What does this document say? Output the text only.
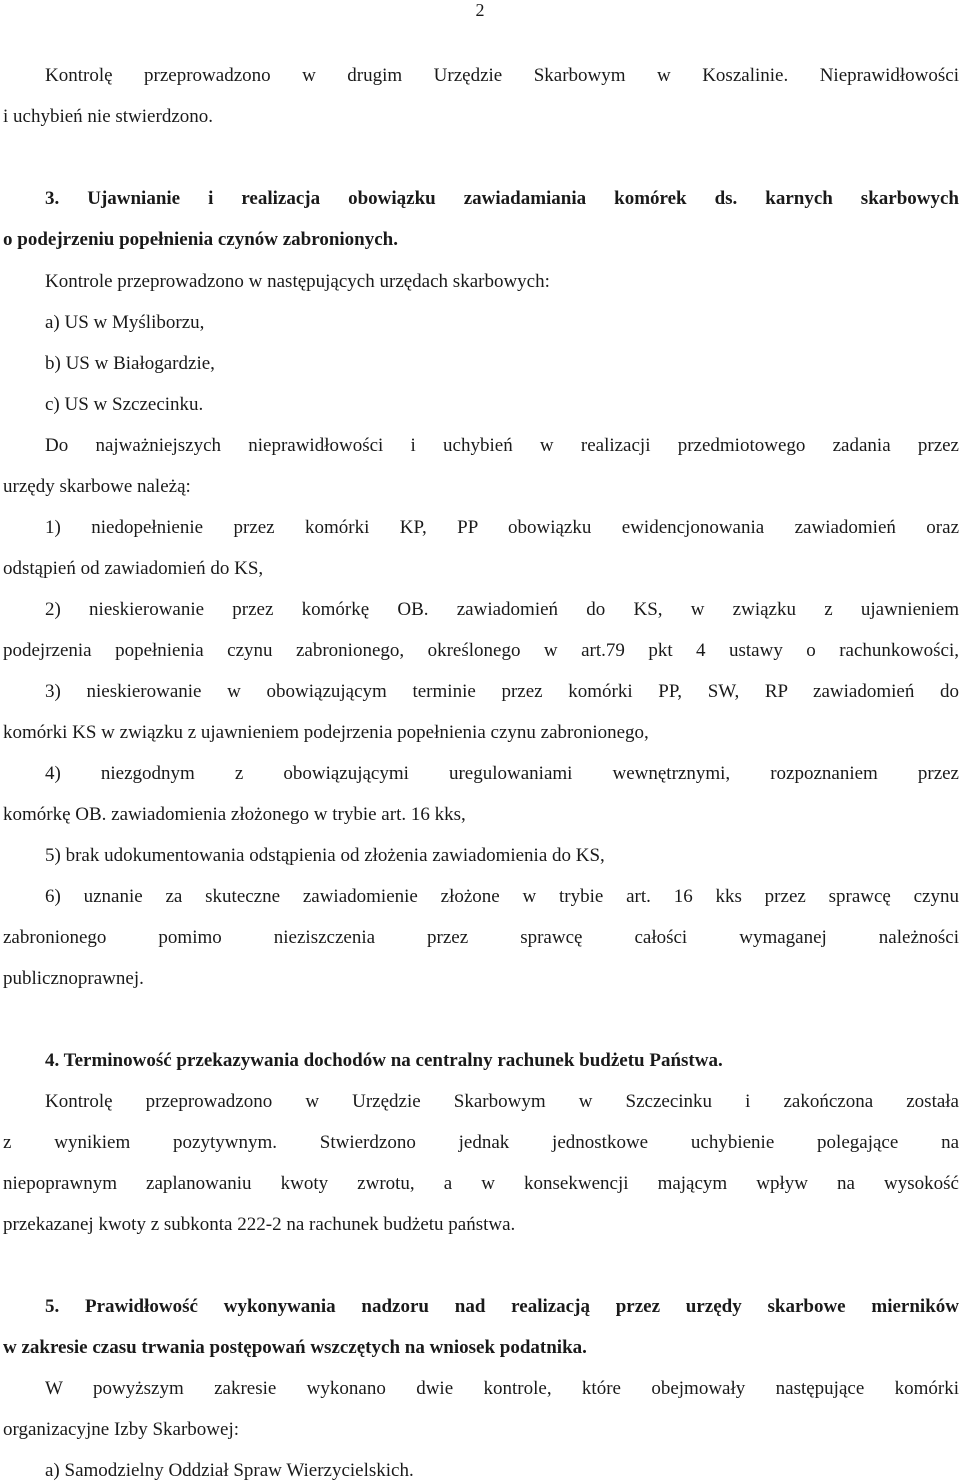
2
Kontrolę przeprowadzono w drugim Urzędzie Skarbowym w Koszalinie. Nieprawidłowości
i uchybień nie stwierdzono.
3. Ujawnianie i realizacja obowiązku zawiadamiania komórek ds. karnych skarbowych
o podejrzeniu popełnienia czynów zabronionych.
Kontrole przeprowadzono w następujących urzędach skarbowych:
a) US w Myśliborzu,
b) US w Białogardzie,
c) US w Szczecinku.
Do najważniejszych nieprawidłowości i uchybień w realizacji przedmiotowego zadania przez
urzędy skarbowe należą:
1) niedopełnienie przez komórki KP, PP obowiązku ewidencjonowania zawiadomień oraz
odstąpień od zawiadomień do KS,
2) nieskierowanie przez komórkę OB. zawiadomień do KS, w związku z ujawnieniem
podejrzenia popełnienia czynu zabronionego, określonego w art.79 pkt 4 ustawy o rachunkowości,
3) nieskierowanie w obowiązującym terminie przez komórki PP, SW, RP zawiadomień do
komórki KS w związku z ujawnieniem podejrzenia popełnienia czynu zabronionego,
4) niezgodnym z obowiązującymi uregulowaniami wewnętrznymi, rozpoznaniem przez
komórkę OB. zawiadomienia złożonego w trybie art. 16 kks,
5) brak udokumentowania odstąpienia od złożenia zawiadomienia do KS,
6) uznanie za skuteczne zawiadomienie złożone w trybie art. 16 kks przez sprawcę czynu
zabronionego pomimo nieziszczenia przez sprawcę całości wymaganej należności
publicznoprawnej.
4. Terminowość przekazywania dochodów na centralny rachunek budżetu Państwa.
Kontrolę przeprowadzono w Urzędzie Skarbowym w Szczecinku i zakończona została
z wynikiem pozytywnym. Stwierdzono jednak jednostkowe uchybienie polegające na
niepoprawnym zaplanowaniu kwoty zwrotu, a w konsekwencji mającym wpływ na wysokość
przekazanej kwoty z subkonta 222-2 na rachunek budżetu państwa.
5. Prawidłowość wykonywania nadzoru nad realizacją przez urzędy skarbowe mierników
w zakresie czasu trwania postępowań wszczętych na wniosek podatnika.
W powyższym zakresie wykonano dwie kontrole, które obejmowały następujące komórki
organizacyjne Izby Skarbowej:
a) Samodzielny Oddział Spraw Wierzycielskich.
